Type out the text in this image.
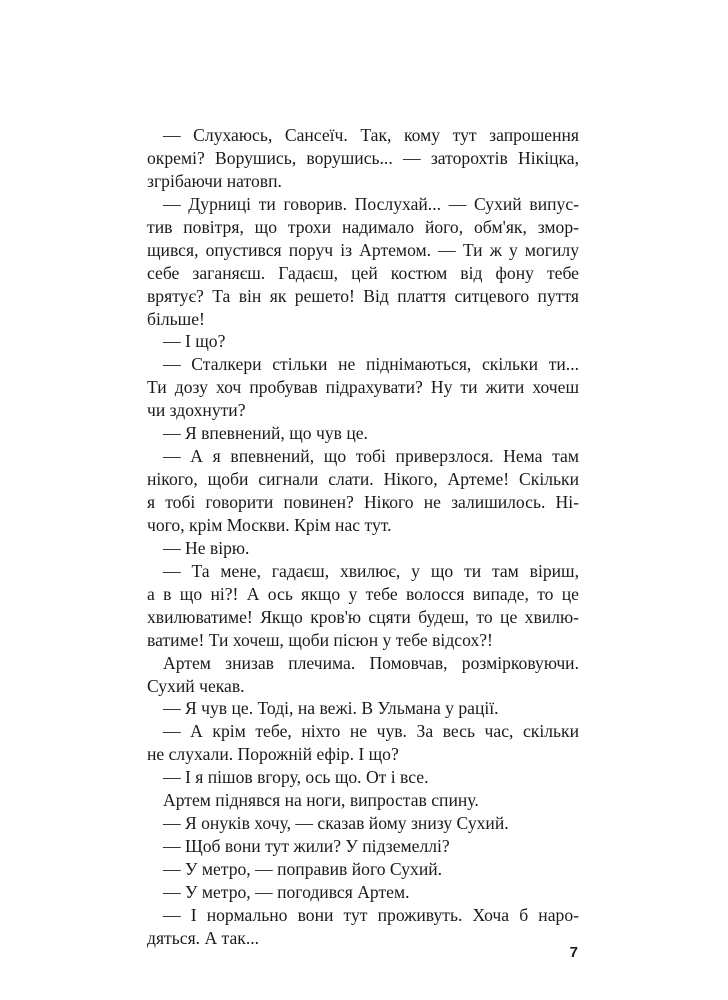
— Слухаюсь, Сансеїч. Так, кому тут запрошення
окремі? Ворушись, ворушись... — заторохтів Нікіцка,
згрібаючи натовп.
— Дурниці ти говорив. Послухай... — Сухий випус-
тив повітря, що трохи надимало його, обм'як, змор-
щився, опустився поруч із Артемом. — Ти ж у могилу
себе заганяєш. Гадаєш, цей костюм від фону тебе
врятує? Та він як решето! Від плаття ситцевого пуття
більше!
— І що?
— Сталкери стільки не піднімаються, скільки ти...
Ти дозу хоч пробував підрахувати? Ну ти жити хочеш
чи здохнути?
— Я впевнений, що чув це.
— А я впевнений, що тобі приверзлося. Нема там
нікого, щоби сигнали слати. Нікого, Артеме! Скільки
я тобі говорити повинен? Нікого не залишилось. Ні-
чого, крім Москви. Крім нас тут.
— Не вірю.
— Та мене, гадаєш, хвилює, у що ти там віриш,
а в що ні?! А ось якщо у тебе волосся випаде, то це
хвилюватиме! Якщо кров'ю сцяти будеш, то це хвилю-
ватиме! Ти хочеш, щоби пісюн у тебе відсох?!
Артем знизав плечима. Помовчав, розмірковуючи.
Сухий чекав.
— Я чув це. Тоді, на вежі. В Ульмана у рації.
— А крім тебе, ніхто не чув. За весь час, скільки
не слухали. Порожній ефір. І що?
— І я пішов вгору, ось що. От і все.
Артем піднявся на ноги, випростав спину.
— Я онуків хочу, — сказав йому знизу Сухий.
— Щоб вони тут жили? У підземеллі?
— У метро, — поправив його Сухий.
— У метро, — погодився Артем.
— І нормально вони тут проживуть. Хоча б наро-
дяться. А так...
7
